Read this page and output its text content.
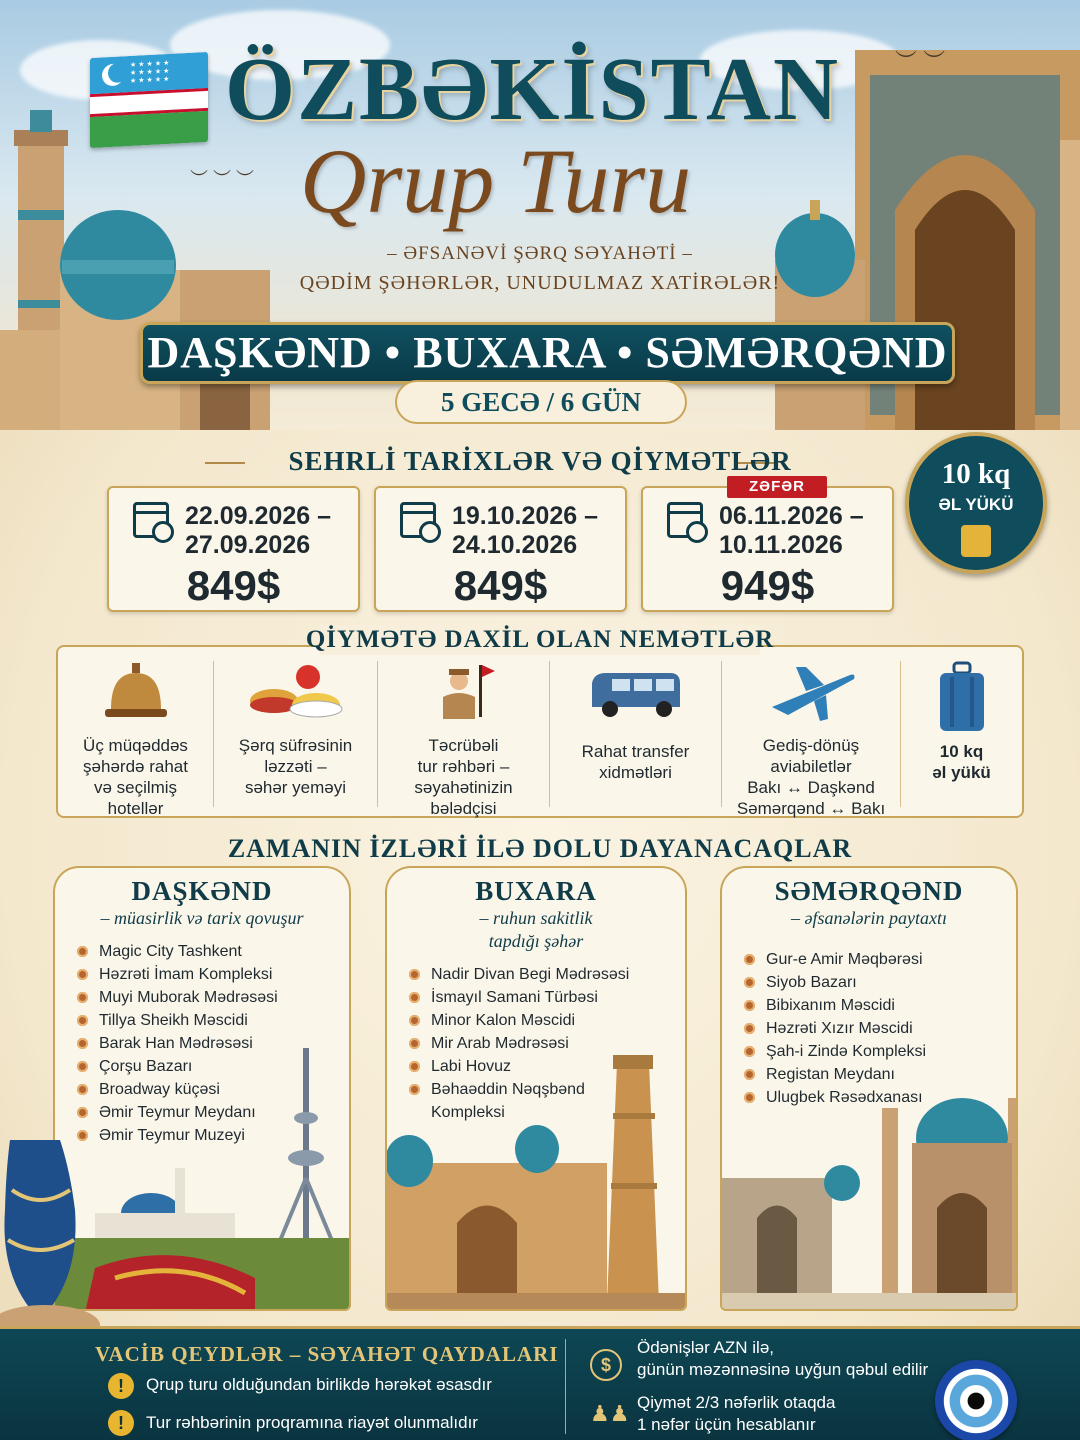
︶ ︶
︶ ︶ ︶
★★★★★ ★★★★★ ★★★★★ ÖZBƏKİSTAN
Qrup Turu
– ƏFSANƏVİ ŞƏRQ SƏYAHƏTİ –
QƏDİM ŞƏHƏRLƏR, UNUDULMAZ XATİRƏLƏR!
DAŞKƏND • BUXARA • SƏMƏRQƏND
5 GECƏ / 6 GÜN
SEHRLİ TARİXLƏR VƏ QİYMƏTLƏR
22.09.2026 –
27.09.2026
849$
19.10.2026 –
24.10.2026
849$
ZƏFƏR
06.11.2026 –
10.11.2026
949$
10 kq
ƏL YÜKÜ
Üç müqəddəs
şəhərdə rahat
və seçilmiş
hotellər
Şərq süfrəsinin
ləzzəti –
səhər yeməyi
Təcrübəli
tur rəhbəri –
səyahətinizin
bələdçisi
Rahat transfer
xidmətləri
Gediş-dönüş
aviabiletlər
Bakı ↔ Daşkənd
Səmərqənd ↔ Bakı
10 kq
əl yükü
QİYMƏTƏ DAXİL OLAN NEMƏTLƏR
ZAMANIN İZLƏRİ İLƏ DOLU DAYANACAQLAR
DAŞKƏND
– müasirlik və tarix qovuşur
Magic City Tashkent
Həzrəti İmam Kompleksi
Muyi Muborak Mədrəsəsi
Tillya Sheikh Məscidi
Barak Han Mədrəsəsi
Çorşu Bazarı
Broadway küçəsi
Əmir Teymur Meydanı
Əmir Teymur Muzeyi
BUXARA
– ruhun sakitlik
tapdığı şəhər
Nadir Divan Begi Mədrəsəsi
İsmayıl Samani Türbəsi
Minor Kalon Məscidi
Mir Arab Mədrəsəsi
Labi Hovuz
Bəhaəddin Nəqşbənd
Kompleksi
SƏMƏRQƏND
– əfsanələrin paytaxtı
Gur-e Amir Məqbərəsi
Siyob Bazarı
Bibixanım Məscidi
Həzrəti Xızır Məscidi
Şah-i Zində Kompleksi
Registan Meydanı
Ulugbek Rəsədxanası
VACİB QEYDLƏR – SƏYAHƏT QAYDALARI
!	Qrup turu olduğundan birlikdə hərəkət əsasdır
!	Tur rəhbərinin proqramına riayət olunmalıdır
$
Ödənişlər AZN ilə,
günün məzənnəsinə uyğun qəbul edilir
♟♟ Qiymət 2/3 nəfərlik otaqda
1 nəfər üçün hesablanır
